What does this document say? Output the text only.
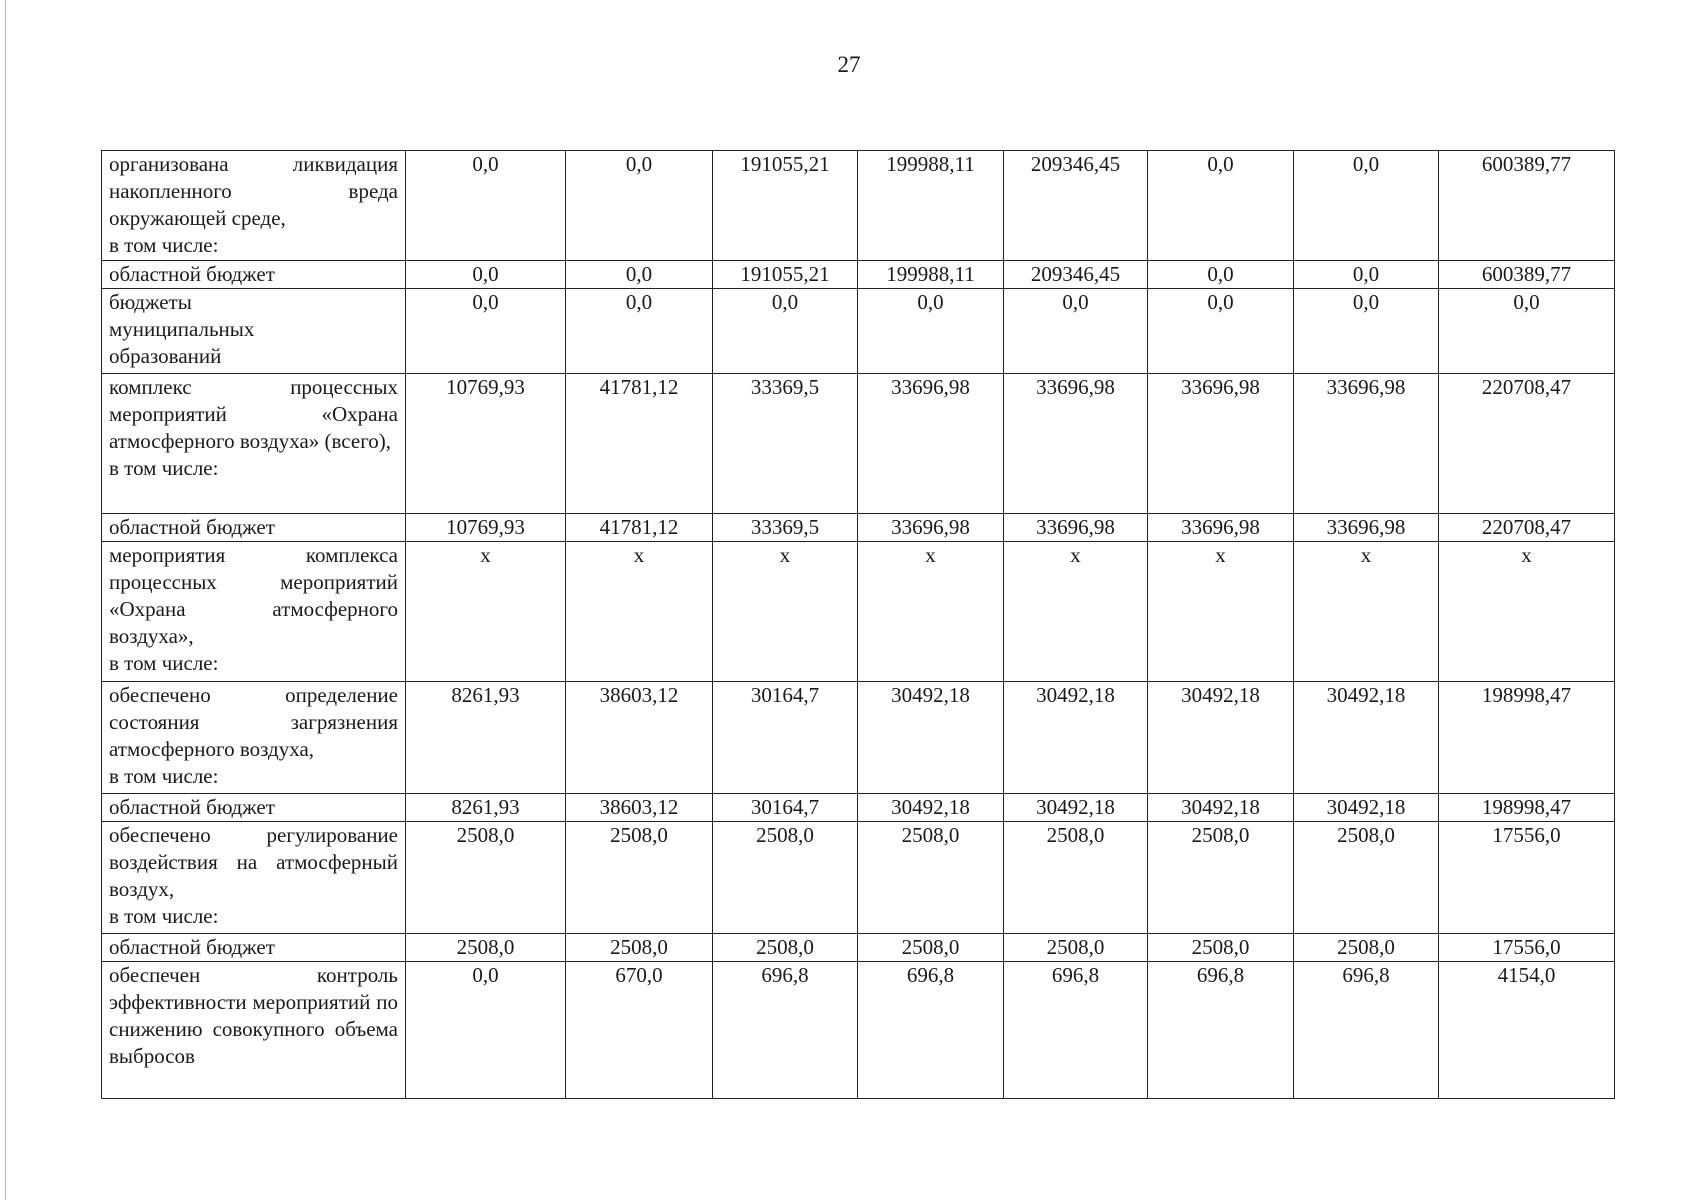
27
организована ликвидация накопленного вреда окружающей среде,
в том числе:	0,0	0,0	191055,21	199988,11	209346,45	0,0	0,0	600389,77
областной бюджет	0,0	0,0	191055,21	199988,11	209346,45	0,0	0,0	600389,77
бюджеты
муниципальных
образований	0,0	0,0	0,0	0,0	0,0	0,0	0,0	0,0
комплекс процессных мероприятий «Охрана атмосферного воздуха» (всего),
в том числе:	10769,93	41781,12	33369,5	33696,98	33696,98	33696,98	33696,98	220708,47
областной бюджет	10769,93	41781,12	33369,5	33696,98	33696,98	33696,98	33696,98	220708,47
мероприятия комплекса процессных мероприятий «Охрана атмосферного воздуха»,
в том числе:	x	x	x	x	x	x	x	x
обеспечено определение состояния загрязнения атмосферного воздуха,
в том числе:	8261,93	38603,12	30164,7	30492,18	30492,18	30492,18	30492,18	198998,47
областной бюджет	8261,93	38603,12	30164,7	30492,18	30492,18	30492,18	30492,18	198998,47
обеспечено регулирование воздействия на атмосферный воздух,
в том числе:	2508,0	2508,0	2508,0	2508,0	2508,0	2508,0	2508,0	17556,0
областной бюджет	2508,0	2508,0	2508,0	2508,0	2508,0	2508,0	2508,0	17556,0
обеспечен контроль эффективности мероприятий по снижению совокупного объема выбросов	0,0	670,0	696,8	696,8	696,8	696,8	696,8	4154,0
